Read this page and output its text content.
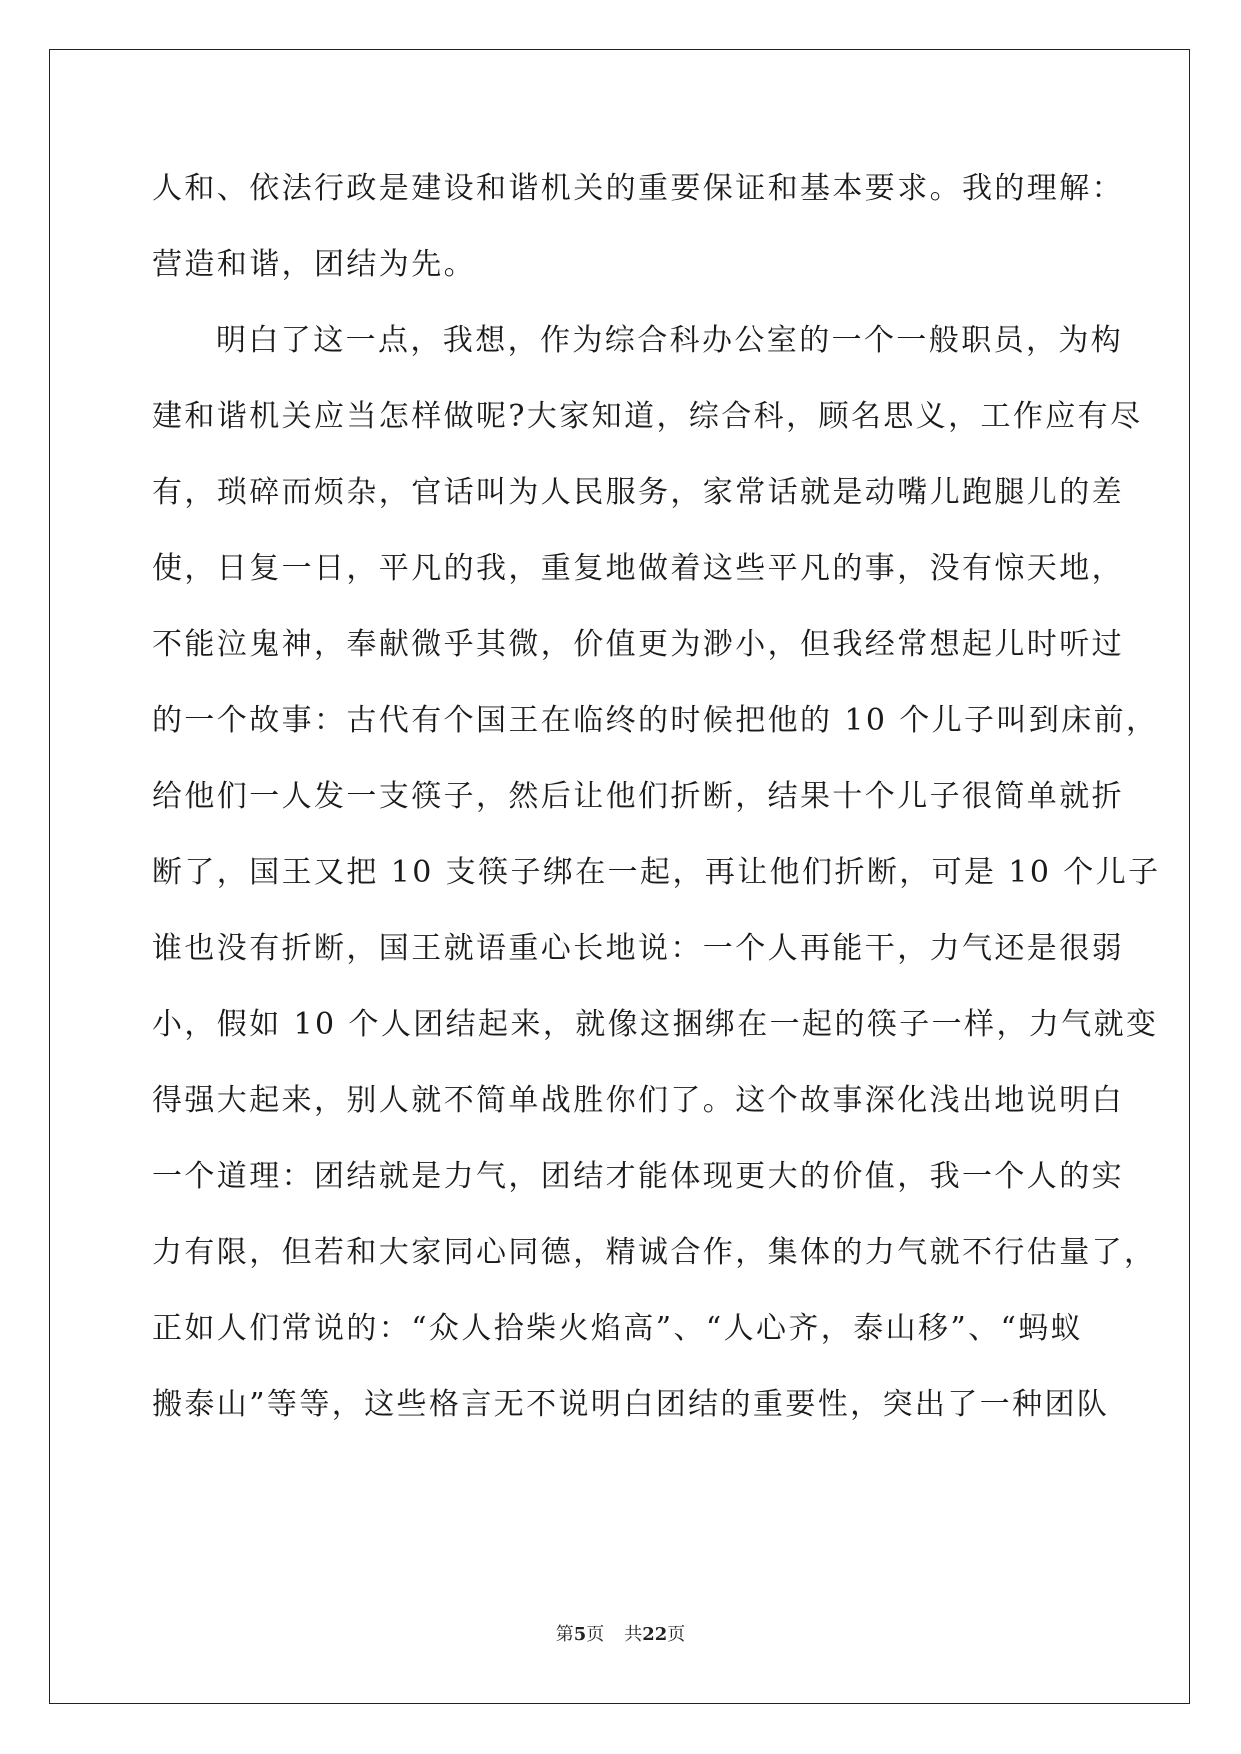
人和、依法行政是建设和谐机关的重要保证和基本要求。我的理解：
营造和谐，团结为先。
明白了这一点，我想，作为综合科办公室的一个一般职员，为构
建和谐机关应当怎样做呢?大家知道，综合科，顾名思义，工作应有尽
有，琐碎而烦杂，官话叫为人民服务，家常话就是动嘴儿跑腿儿的差
使，日复一日，平凡的我，重复地做着这些平凡的事，没有惊天地，
不能泣鬼神，奉献微乎其微，价值更为渺小，但我经常想起儿时听过
的一个故事：古代有个国王在临终的时候把他的 10 个儿子叫到床前，
给他们一人发一支筷子，然后让他们折断，结果十个儿子很简单就折
断了，国王又把 10 支筷子绑在一起，再让他们折断，可是 10 个儿子
谁也没有折断，国王就语重心长地说：一个人再能干，力气还是很弱
小，假如 10 个人团结起来，就像这捆绑在一起的筷子一样，力气就变
得强大起来，别人就不简单战胜你们了。这个故事深化浅出地说明白
一个道理：团结就是力气，团结才能体现更大的价值，我一个人的实
力有限，但若和大家同心同德，精诚合作，集体的力气就不行估量了，
正如人们常说的：“众人拾柴火焰高”、“人心齐，泰山移”、“蚂蚁
搬泰山”等等，这些格言无不说明白团结的重要性，突出了一种团队
第5页 共22页
